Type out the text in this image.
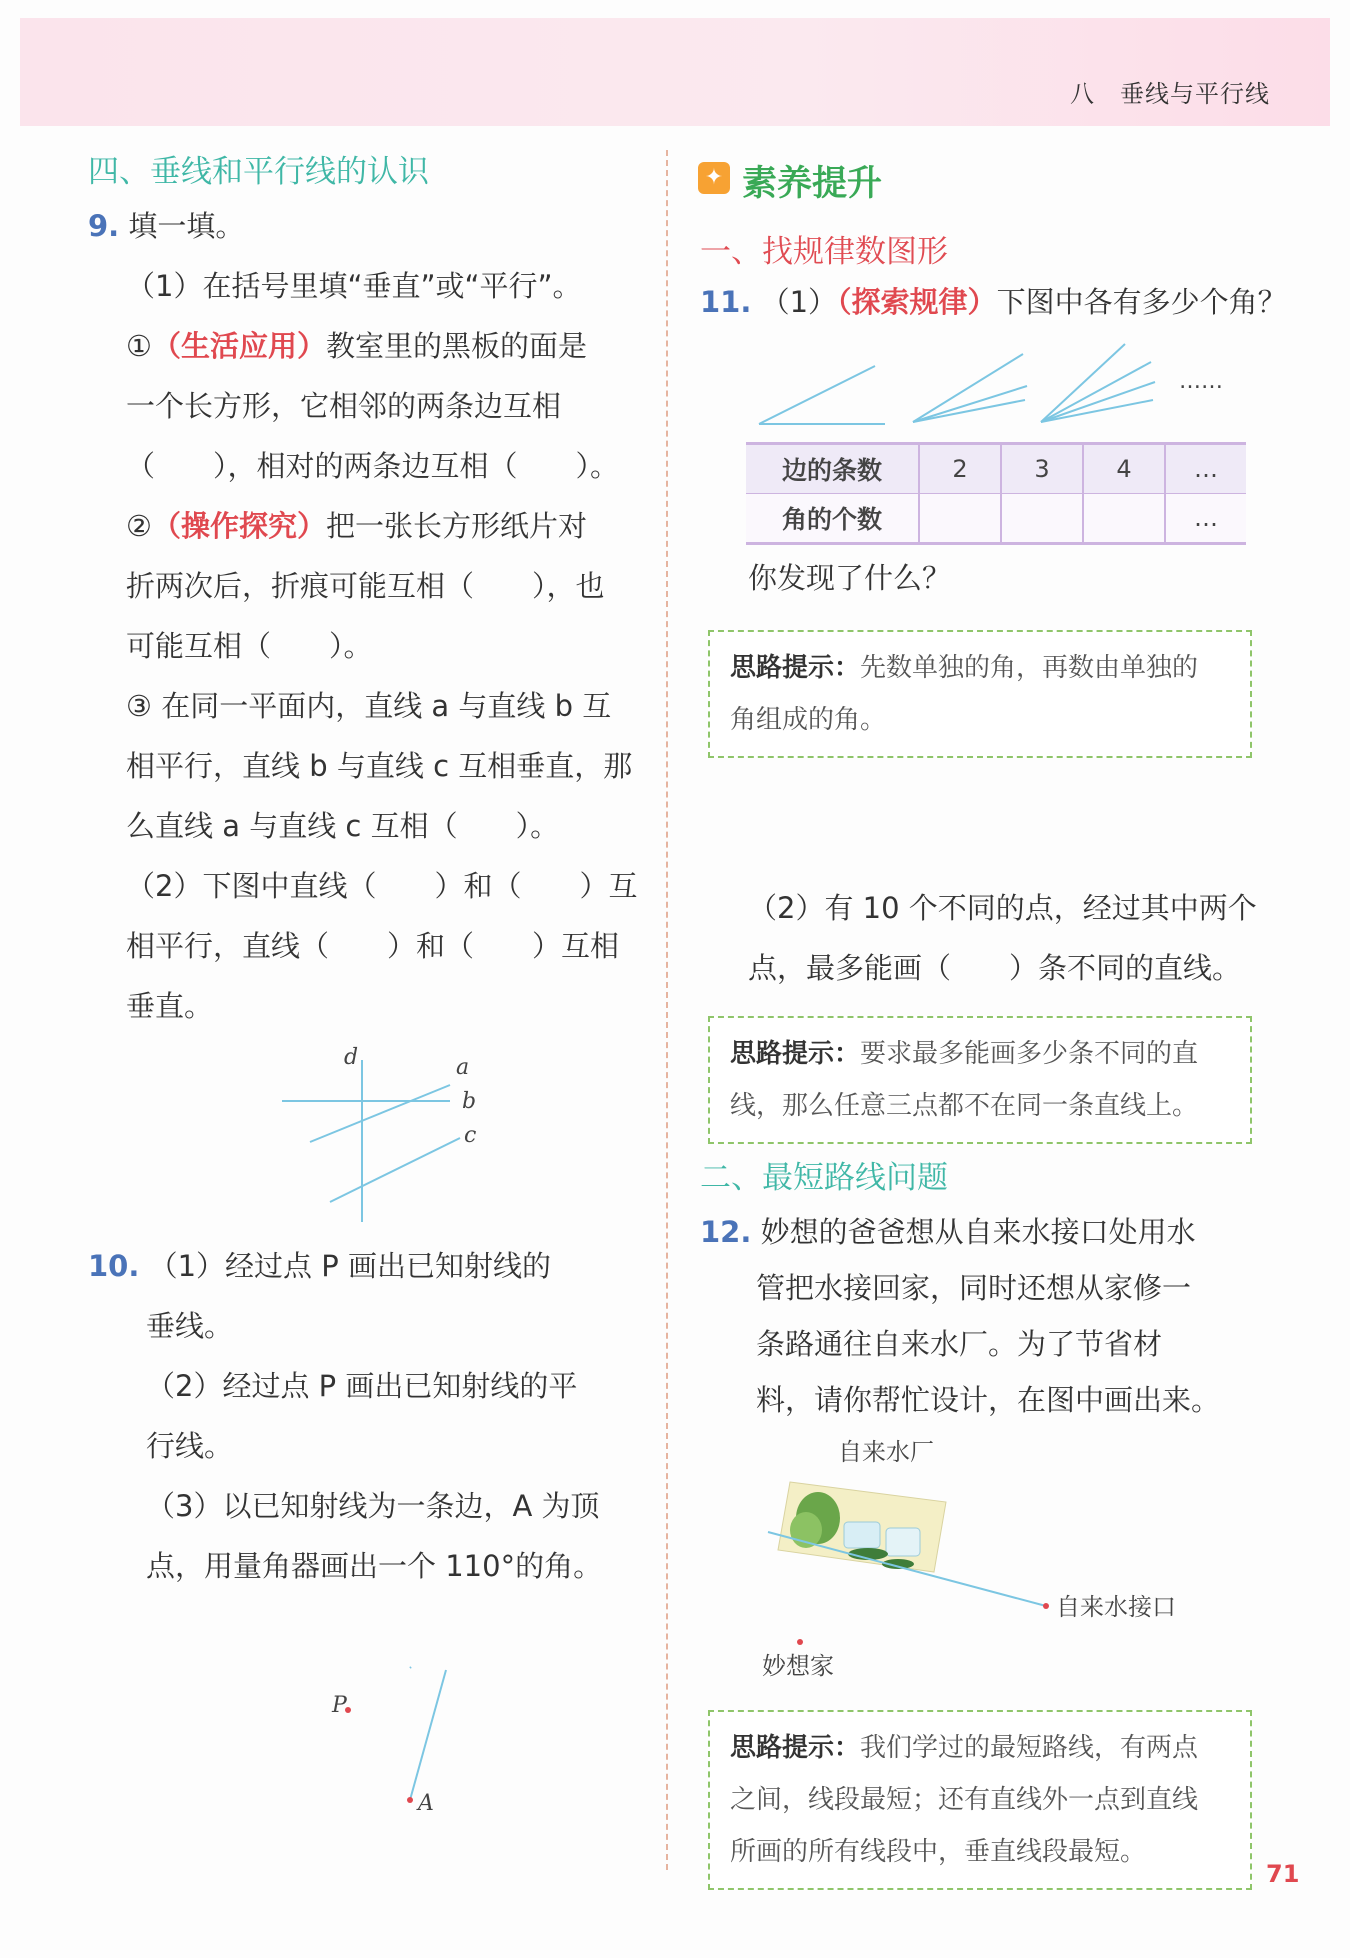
八　垂线与平行线
四、垂线和平行线的认识
9. 填一填。
（1）在括号里填“垂直”或“平行”。
①（生活应用）教室里的黑板的面是
一个长方形，它相邻的两条边互相
（　　），相对的两条边互相（　　）。
②（操作探究）把一张长方形纸片对
折两次后，折痕可能互相（　　），也
可能互相（　　）。
③ 在同一平面内，直线 a 与直线 b 互
相平行，直线 b 与直线 c 互相垂直，那
么直线 a 与直线 c 互相（　　）。
（2）下图中直线（　　）和（　　）互
相平行，直线（　　）和（　　）互相
垂直。
d	a
b
c
10. （1）经过点 P 画出已知射线的
垂线。
（2）经过点 P 画出已知射线的平
行线。
（3）以已知射线为一条边，A 为顶
点，用量角器画出一个 110°的角。
P
A
✦ 素养提升
一、找规律数图形
11. （1）（探索规律）下图中各有多少个角？
……
边的条数	2	3	4	…
角的个数				…
你发现了什么？
思路提示：先数单独的角，再数由单独的
角组成的角。
（2）有 10 个不同的点，经过其中两个
点，最多能画（　　）条不同的直线。
思路提示：要求最多能画多少条不同的直
线，那么任意三点都不在同一条直线上。
二、最短路线问题
12. 妙想的爸爸想从自来水接口处用水
管把水接回家，同时还想从家修一
条路通往自来水厂。为了节省材
料，请你帮忙设计，在图中画出来。
自来水厂
自来水接口
妙想家
思路提示：我们学过的最短路线，有两点
之间，线段最短；还有直线外一点到直线
所画的所有线段中，垂直线段最短。
71
